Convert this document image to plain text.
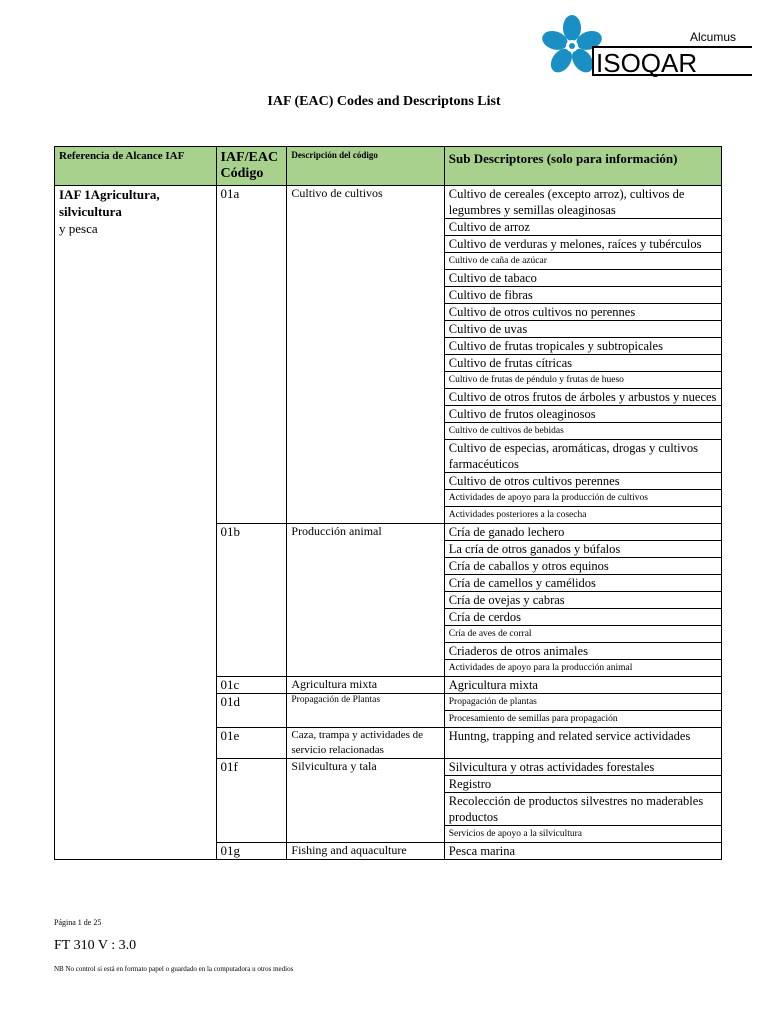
Alcumus
ISOQAR
IAF (EAC) Codes and Descriptons List
Referencia de Alcance IAF	IAF/EAC Código	Descripción del código	Sub Descriptores (solo para información)
IAF 1Agricultura, silvicultura
y pesca	01a	Cultivo de cultivos	Cultivo de cereales (excepto arroz), cultivos de legumbres y semillas oleaginosas
			Cultivo de arroz
			Cultivo de verduras y melones, raíces y tubérculos
			Cultivo de caña de azúcar
			Cultivo de tabaco
			Cultivo de fibras
			Cultivo de otros cultivos no perennes
			Cultivo de uvas
			Cultivo de frutas tropicales y subtropicales
			Cultivo de frutas cítricas
			Cultivo de frutas de péndulo y frutas de hueso
			Cultivo de otros frutos de árboles y arbustos y nueces
			Cultivo de frutos oleaginosos
			Cultivo de cultivos de bebidas
			Cultivo de especias, aromáticas, drogas y cultivos farmacéuticos
			Cultivo de otros cultivos perennes
			Actividades de apoyo para la producción de cultivos
			Actividades posteriores a la cosecha
	01b	Producción animal	Cría de ganado lechero
			La cría de otros ganados y búfalos
			Cría de caballos y otros equinos
			Cría de camellos y camélidos
			Cría de ovejas y cabras
			Cría de cerdos
			Cría de aves de corral
			Criaderos de otros animales
			Actividades de apoyo para la producción animal
	01c	Agricultura mixta	Agricultura mixta
	01d	Propagación de Plantas	Propagación de plantas
			Procesamiento de semillas para propagación
	01e	Caza, trampa y actividades de servicio relacionadas	Huntng, trapping and related service actividades
	01f	Silvicultura y tala	Silvicultura y otras actividades forestales
			Registro
			Recolección de productos silvestres no maderables productos
			Servicios de apoyo a la silvicultura
	01g	Fishing and aquaculture	Pesca marina
Página 1 de 25
FT 310 V : 3.0
NB No control si está en formato papel o guardado en la computadora u otros medios
